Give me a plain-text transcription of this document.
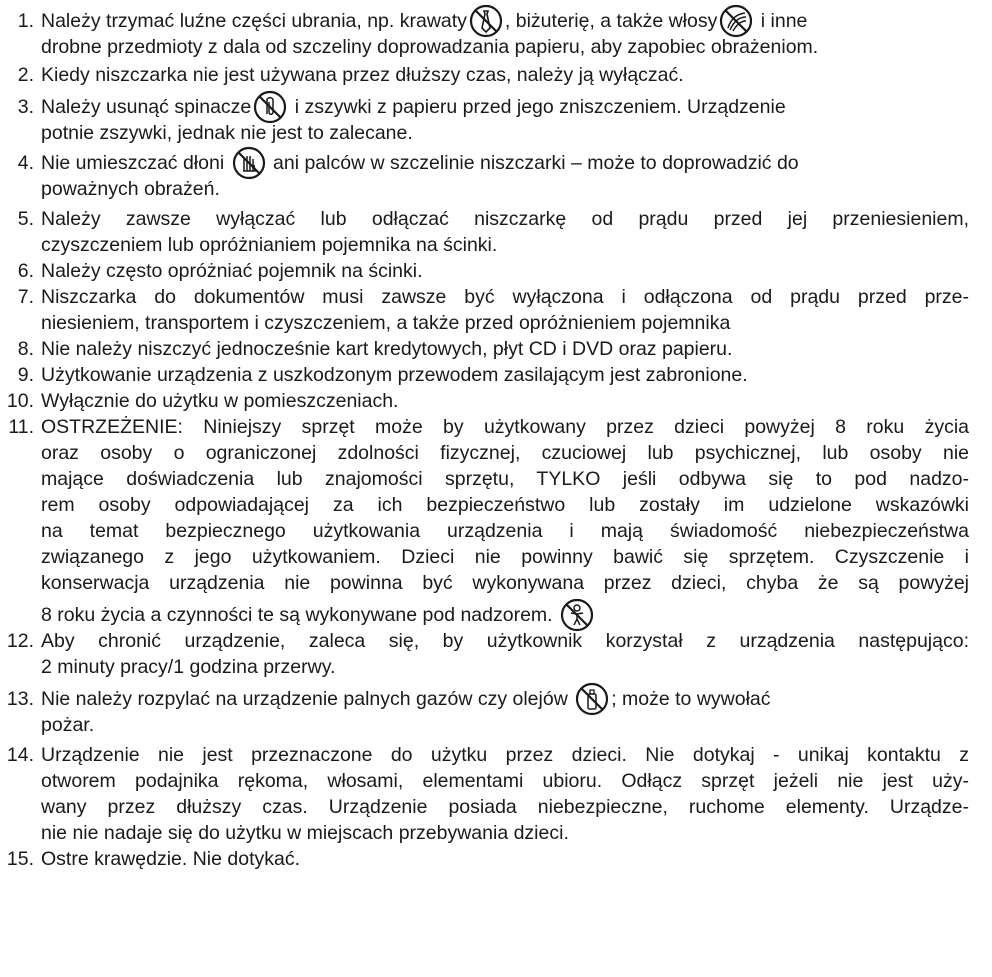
1. Należy trzymać luźne części ubrania, np. krawaty , biżuterię, a także włosy i inne
drobne przedmioty z dala od szczeliny doprowadzania papieru, aby zapobiec obrażeniom.
2. Kiedy niszczarka nie jest używana przez dłuższy czas, należy ją wyłączać.
3. Należy usunąć spinacze i zszywki z papieru przed jego zniszczeniem. Urządzenie
potnie zszywki, jednak nie jest to zalecane.
4. Nie umieszczać dłoni	ani palców w szczelinie niszczarki – może to doprowadzić do
poważnych obrażeń.
5. Należy zawsze wyłączać lub odłączać niszczarkę od prądu przed jej przeniesieniem,
czyszczeniem lub opróżnianiem pojemnika na ścinki.
6. Należy często opróżniać pojemnik na ścinki.
7. Niszczarka do dokumentów musi zawsze być wyłączona i odłączona od prądu przed prze-
niesieniem, transportem i czyszczeniem, a także przed opróżnieniem pojemnika
8. Nie należy niszczyć jednocześnie kart kredytowych, płyt CD i DVD oraz papieru.
9. Użytkowanie urządzenia z uszkodzonym przewodem zasilającym jest zabronione.
10. Wyłącznie do użytku w pomieszczeniach.
11. OSTRZEŻENIE: Niniejszy sprzęt może by użytkowany przez dzieci powyżej 8 roku życia
oraz osoby o ograniczonej zdolności fizycznej, czuciowej lub psychicznej, lub osoby nie
mające doświadczenia lub znajomości sprzętu, TYLKO jeśli odbywa się to pod nadzo-
rem osoby odpowiadającej za ich bezpieczeństwo lub zostały im udzielone wskazówki
na temat bezpiecznego użytkowania urządzenia i mają świadomość niebezpieczeństwa
związanego z jego użytkowaniem. Dzieci nie powinny bawić się sprzętem. Czyszczenie i
konserwacja urządzenia nie powinna być wykonywana przez dzieci, chyba że są powyżej
8 roku życia a czynności te są wykonywane pod nadzorem.
12. Aby chronić urządzenie, zaleca się, by użytkownik korzystał z urządzenia następująco:
2 minuty pracy/1 godzina przerwy.
13. Nie należy rozpylać na urządzenie palnych gazów czy olejów ; może to wywołać
pożar.
14. Urządzenie nie jest przeznaczone do użytku przez dzieci. Nie dotykaj - unikaj kontaktu z
otworem podajnika rękoma, włosami, elementami ubioru. Odłącz sprzęt jeżeli nie jest uży-
wany przez dłuższy czas. Urządzenie posiada niebezpieczne, ruchome elementy. Urządze-
nie nie nadaje się do użytku w miejscach przebywania dzieci.
15. Ostre krawędzie. Nie dotykać.
